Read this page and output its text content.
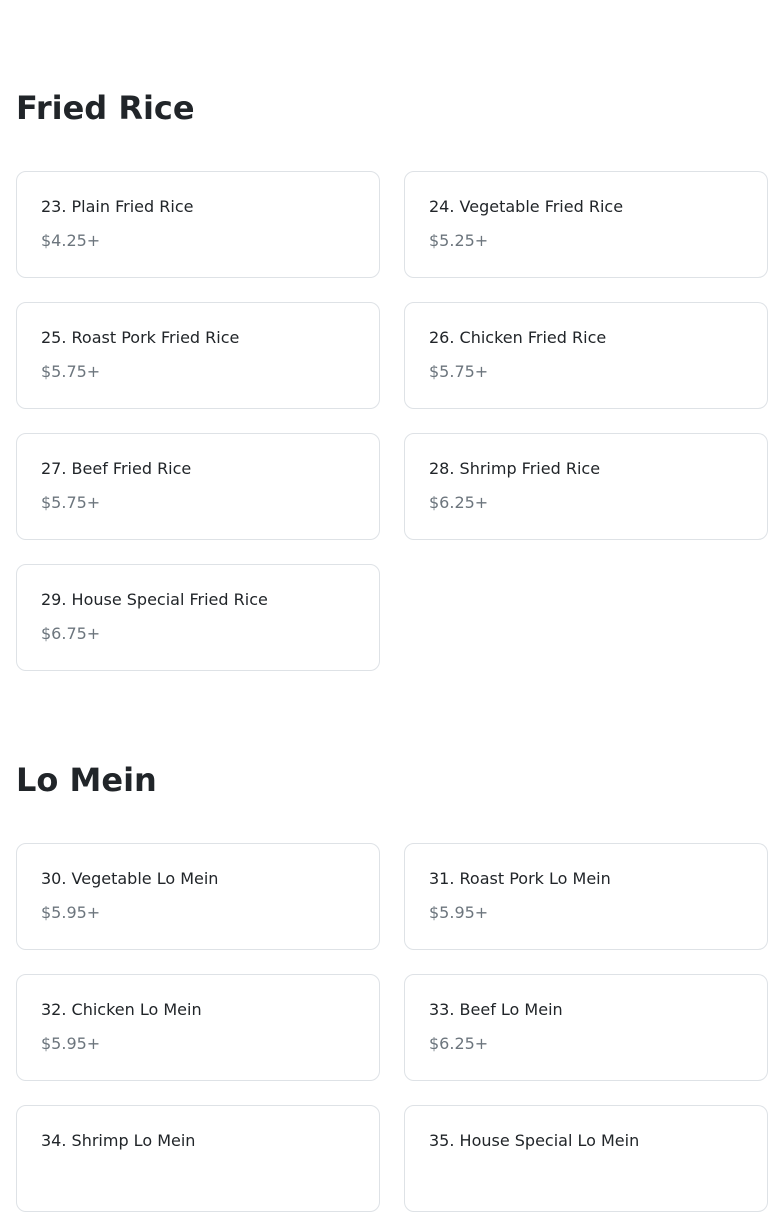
Fried Rice
23. Plain Fried Rice
$4.25+
24. Vegetable Fried Rice
$5.25+
25. Roast Pork Fried Rice
$5.75+
26. Chicken Fried Rice
$5.75+
27. Beef Fried Rice
$5.75+
28. Shrimp Fried Rice
$6.25+
29. House Special Fried Rice
$6.75+
Lo Mein
30. Vegetable Lo Mein
$5.95+
31. Roast Pork Lo Mein
$5.95+
32. Chicken Lo Mein
$5.95+
33. Beef Lo Mein
$6.25+
34. Shrimp Lo Mein	35. House Special Lo Mein
